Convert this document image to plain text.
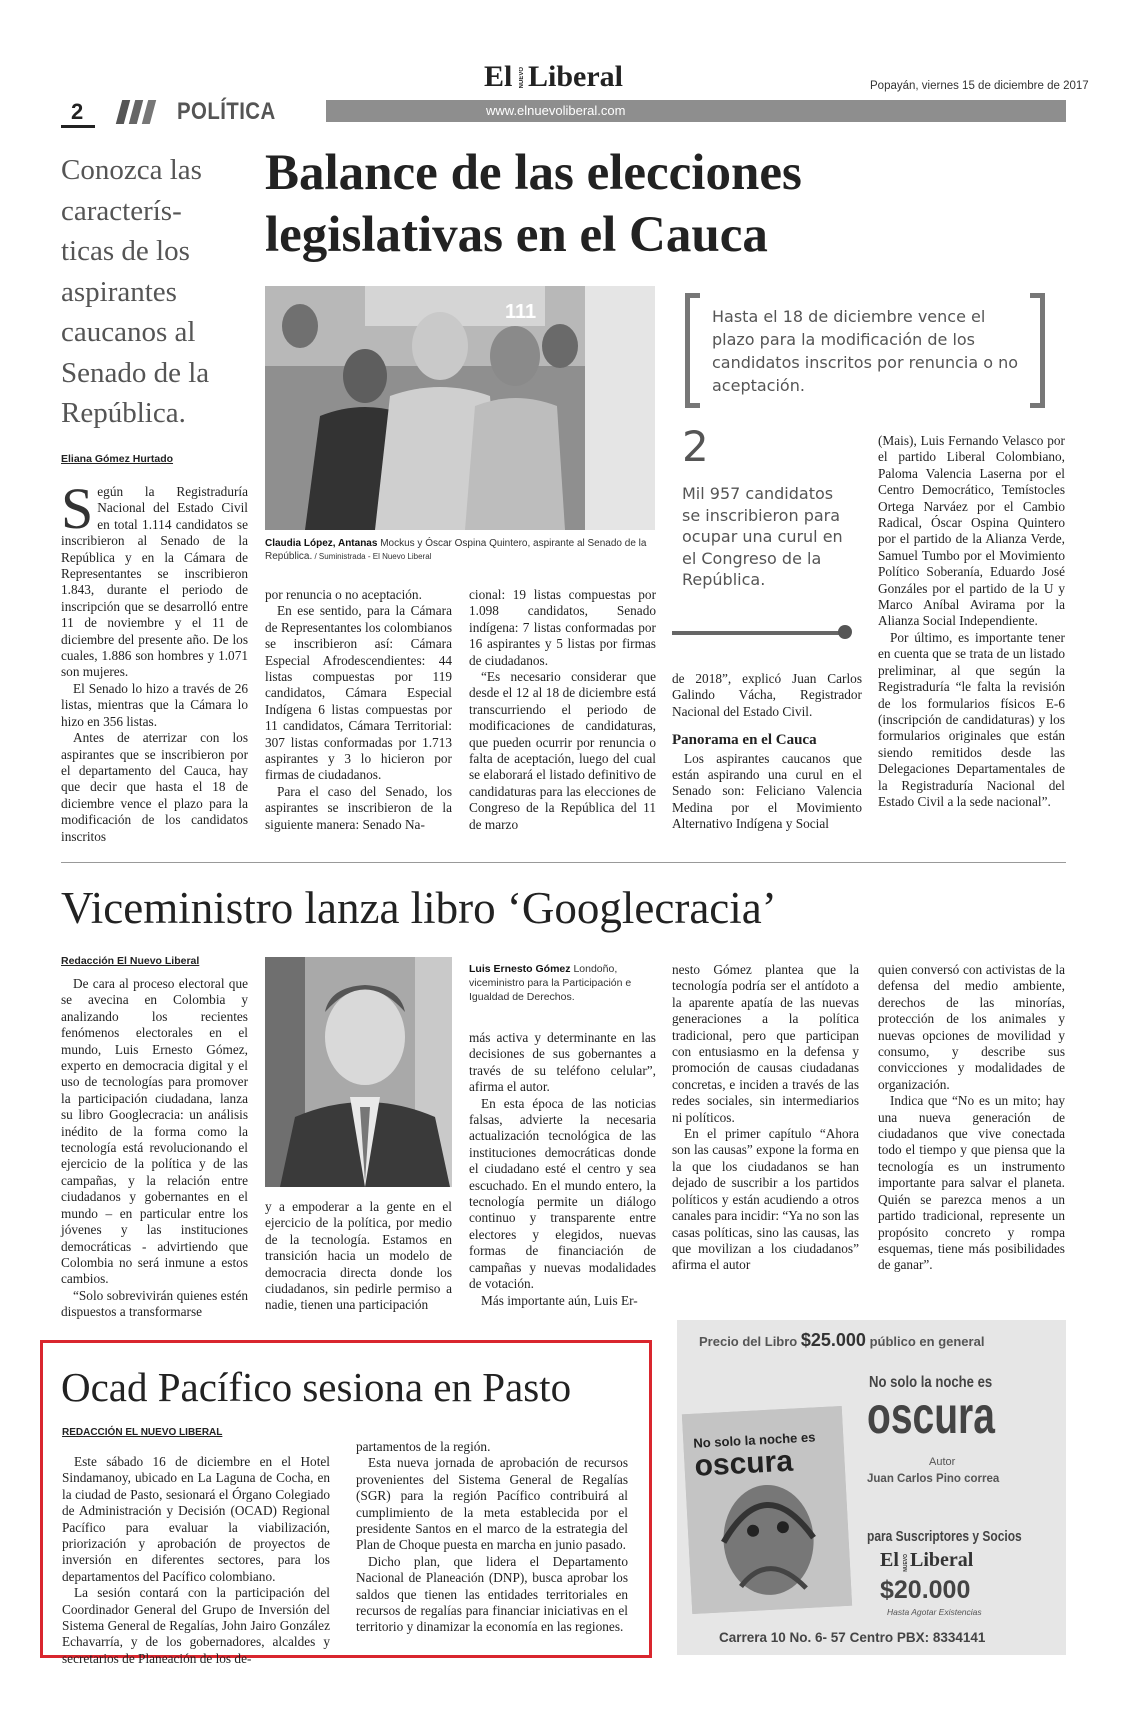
El NUEVO Liberal	Popayán, viernes 15 de diciembre de 2017
2	POLÍTICA	www.elnuevoliberal.com
Conozca las caracterís- ticas de los aspirantes caucanos al Senado de la República.
Balance de las elecciones legislativas en el Cauca
Eliana Gómez Hurtado
S egún la Registraduría Nacional del Estado Civil en total 1.114 candidatos se inscribieron al Senado de la República y en la Cámara de Representantes se inscribieron 1.843, durante el periodo de inscripción que se desarrolló entre 11 de noviembre y el 11 de diciembre del presente año. De los cuales, 1.886 son hombres y 1.071 son mujeres.

El Senado lo hizo a través de 26 listas, mientras que la Cámara lo hizo en 356 listas.

Antes de aterrizar con los aspirantes que se inscribieron por el departamento del Cauca, hay que decir que hasta el 18 de diciembre vence el plazo para la modificación de los candidatos inscritos

111
Claudia López, Antanas Mockus y Óscar Ospina Quintero, aspirante al Senado de la República. / Suministrada - El Nuevo Liberal

por renuncia o no aceptación.

En ese sentido, para la Cámara de Representantes los colombianos se inscribieron así: Cámara Especial Afrodescendientes: 44 listas compuestas por 119 candidatos, Cámara Especial Indígena 6 listas compuestas por 11 candidatos, Cámara Territorial: 307 listas conformadas por 1.713 aspirantes y 3 lo hicieron por firmas de ciudadanos.

Para el caso del Senado, los aspirantes se inscribieron de la siguiente manera: Senado Na-

cional: 19 listas compuestas por 1.098 candidatos, Senado indígena: 7 listas conformadas por 16 aspirantes y 5 listas por firmas de ciudadanos.

“Es necesario considerar que desde el 12 al 18 de diciembre está transcurriendo el periodo de modificaciones de candidaturas, que pueden ocurrir por renuncia o falta de aceptación, luego del cual se elaborará el listado definitivo de candidaturas para las elecciones de Congreso de la República del 11 de marzo

Hasta el 18 de diciembre vence el plazo para la modificación de los candidatos inscritos por renuncia o no aceptación.
2
Mil 957 candidatos se inscribieron para ocupar una curul en el Congreso de la República.

de 2018”, explicó Juan Carlos Galindo Vácha, Registrador Nacional del Estado Civil.

Panorama en el Cauca

Los aspirantes caucanos que están aspirando una curul en el Senado son: Feliciano Valencia Medina por el Movimiento Alternativo Indígena y Social

(Mais), Luis Fernando Velasco por el partido Liberal Colombiano, Paloma Valencia Laserna por el Centro Democrático, Temístocles Ortega Narváez por el Cambio Radical, Óscar Ospina Quintero por el partido de la Alianza Verde, Samuel Tumbo por el Movimiento Político Soberanía, Eduardo José Gonzáles por el partido de la U y Marco Aníbal Avirama por la Alianza Social Independiente.

Por último, es importante tener en cuenta que se trata de un listado preliminar, al que según la Registraduría “le falta la revisión de los formularios físicos E-6 (inscripción de candidaturas) y los formularios originales que están siendo remitidos desde las Delegaciones Departamentales de la Registraduría Nacional del Estado Civil a la sede nacional”.

Viceministro lanza libro ‘Googlecracia’
Redacción El Nuevo Liberal

De cara al proceso electoral que se avecina en Colombia y analizando los recientes fenómenos electorales en el mundo, Luis Ernesto Gómez, experto en democracia digital y el uso de tecnologías para promover la participación ciudadana, lanza su libro Googlecracia: un análisis inédito de la forma como la tecnología está revolucionando el ejercicio de la política y de las campañas, y la relación entre ciudadanos y gobernantes en el mundo – en particular entre los jóvenes y las instituciones democráticas - advirtiendo que Colombia no será inmune a estos cambios.

“Solo sobrevivirán quienes estén dispuestos a transformarse

y a empoderar a la gente en el ejercicio de la política, por medio de la tecnología. Estamos en transición hacia un modelo de democracia directa donde los ciudadanos, sin pedirle permiso a nadie, tienen una participación

Luis Ernesto Gómez Londoño, viceministro para la Participación e Igualdad de Derechos.

más activa y determinante en las decisiones de sus gobernantes a través de su teléfono celular”, afirma el autor.

En esta época de las noticias falsas, advierte la necesaria actualización tecnológica de las instituciones democráticas donde el ciudadano esté el centro y sea escuchado. En el mundo entero, la tecnología permite un diálogo continuo y transparente entre electores y elegidos, nuevas formas de financiación de campañas y nuevas modalidades de votación.

Más importante aún, Luis Er-

nesto Gómez plantea que la tecnología podría ser el antídoto a la aparente apatía de las nuevas generaciones a la política tradicional, pero que participan con entusiasmo en la defensa y promoción de causas ciudadanas concretas, e inciden a través de las redes sociales, sin intermediarios ni políticos.

En el primer capítulo “Ahora son las causas” expone la forma en la que los ciudadanos se han dejado de suscribir a los partidos políticos y están acudiendo a otros canales para incidir: “Ya no son las casas políticas, sino las causas, las que movilizan a los ciudadanos” afirma el autor

quien conversó con activistas de la defensa del medio ambiente, derechos de las minorías, protección de los animales y nuevas opciones de movilidad y consumo, y describe sus convicciones y modalidades de organización.

Indica que “No es un mito; hay una nueva generación de ciudadanos que vive conectada todo el tiempo y que piensa que la tecnología es un instrumento importante para salvar el planeta. Quién se parezca menos a un partido tradicional, represente un propósito concreto y rompa esquemas, tiene más posibilidades de ganar”.

Ocad Pacífico sesiona en Pasto
REDACCIÓN EL NUEVO LIBERAL

Este sábado 16 de diciembre en el Hotel Sindamanoy, ubicado en La Laguna de Cocha, en la ciudad de Pasto, sesionará el Órgano Colegiado de Administración y Decisión (OCAD) Regional Pacífico para evaluar la viabilización, priorización y aprobación de proyectos de inversión en diferentes sectores, para los departamentos del Pacífico colombiano.

La sesión contará con la participación del Coordinador General del Grupo de Inversión del Sistema General de Regalías, John Jairo González Echavarría, y de los gobernadores, alcaldes y secretarios de Planeación de los de-

partamentos de la región.

Esta nueva jornada de aprobación de recursos provenientes del Sistema General de Regalías (SGR) para la región Pacífico contribuirá al cumplimiento de la meta establecida por el presidente Santos en el marco de la estrategia del Plan de Choque puesta en marcha en junio pasado.

Dicho plan, que lidera el Departamento Nacional de Planeación (DNP), busca aprobar los saldos que tienen las entidades territoriales en recursos de regalías para financiar iniciativas en el territorio y dinamizar la economía en las regiones.

Precio del Libro $25.000 público en general
No solo la noche es
oscura
No solo la noche es
oscura
Autor
Juan Carlos Pino correa
para Suscriptores y Socios
El NUEVO Liberal
$20.000
Hasta Agotar Existencias
Carrera 10 No. 6- 57 Centro PBX: 8334141
